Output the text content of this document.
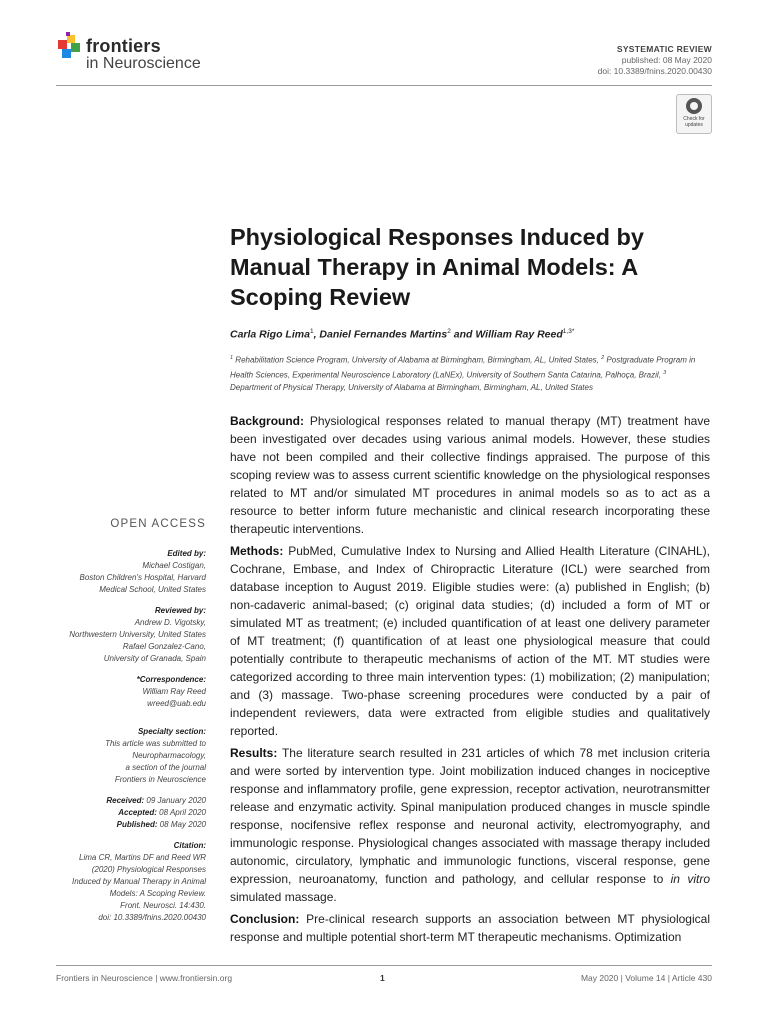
frontiers
in Neuroscience
SYSTEMATIC REVIEW
published: 08 May 2020
doi: 10.3389/fnins.2020.00430
Check for
updates
Physiological Responses Induced by Manual Therapy in Animal Models: A Scoping Review
Carla Rigo Lima$^1$, Daniel Fernandes Martins$^2$ and William Ray Reed$^{1,3*}$
$^1$ Rehabilitation Science Program, University of Alabama at Birmingham, Birmingham, AL, United States, $^2$ Postgraduate Program in Health Sciences, Experimental Neuroscience Laboratory (LaNEx), University of Southern Santa Catarina, Palhoça, Brazil, $^3$ Department of Physical Therapy, University of Alabama at Birmingham, Birmingham, AL, United States

Background: Physiological responses related to manual therapy (MT) treatment have been investigated over decades using various animal models. However, these studies have not been compiled and their collective findings appraised. The purpose of this scoping review was to assess current scientific knowledge on the physiological responses related to MT and/or simulated MT procedures in animal models so as to act as a resource to better inform future mechanistic and clinical research incorporating these therapeutic interventions.

Methods: PubMed, Cumulative Index to Nursing and Allied Health Literature (CINAHL), Cochrane, Embase, and Index of Chiropractic Literature (ICL) were searched from database inception to August 2019. Eligible studies were: (a) published in English; (b) non-cadaveric animal-based; (c) original data studies; (d) included a form of MT or simulated MT as treatment; (e) included quantification of at least one delivery parameter of MT treatment; (f) quantification of at least one physiological measure that could potentially contribute to therapeutic mechanisms of action of the MT. MT studies were categorized according to three main intervention types: (1) mobilization; (2) manipulation; and (3) massage. Two-phase screening procedures were conducted by a pair of independent reviewers, data were extracted from eligible studies and qualitatively reported.

Results: The literature search resulted in 231 articles of which 78 met inclusion criteria and were sorted by intervention type. Joint mobilization induced changes in nociceptive response and inflammatory profile, gene expression, receptor activation, neurotransmitter release and enzymatic activity. Spinal manipulation produced changes in muscle spindle response, nocifensive reflex response and neuronal activity, electromyography, and immunologic response. Physiological changes associated with massage therapy included autonomic, circulatory, lymphatic and immunologic functions, visceral response, gene expression, neuroanatomy, function and pathology, and cellular response to in vitro simulated massage.

Conclusion: Pre-clinical research supports an association between MT physiological response and multiple potential short-term MT therapeutic mechanisms. Optimization

OPEN ACCESS
Edited by:
Michael Costigan,
Boston Children's Hospital, Harvard
Medical School, United States
Reviewed by:
Andrew D. Vigotsky,
Northwestern University, United States
Rafael Gonzalez-Cano,
University of Granada, Spain
*Correspondence:
William Ray Reed
wreed@uab.edu
Specialty section:
This article was submitted to
Neuropharmacology,
a section of the journal
Frontiers in Neuroscience
Received: 09 January 2020
Accepted: 08 April 2020
Published: 08 May 2020
Citation:
Lima CR, Martins DF and Reed WR
(2020) Physiological Responses
Induced by Manual Therapy in Animal
Models: A Scoping Review.
Front. Neurosci. 14:430.
doi: 10.3389/fnins.2020.00430
Frontiers in Neuroscience | www.frontiersin.org	1	May 2020 | Volume 14 | Article 430
